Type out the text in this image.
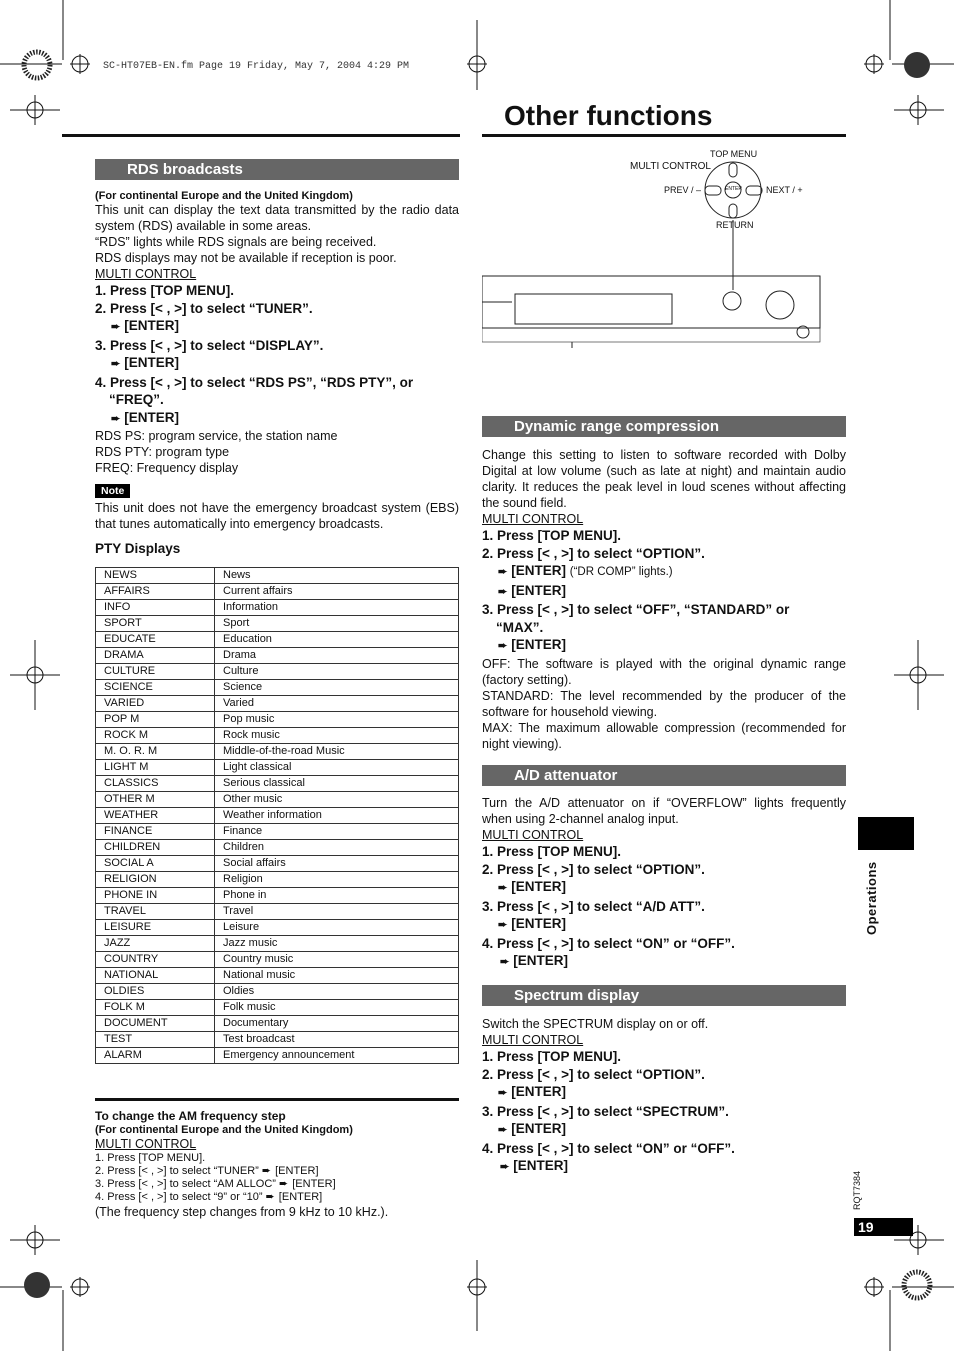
SC-HT07EB-EN.fm Page 19 Friday, May 7, 2004 4:29 PM
Other functions
RDS broadcasts
(For continental Europe and the United Kingdom)
This unit can display the text data transmitted by the radio data system (RDS) available in some areas.
“RDS” lights while RDS signals are being received.
RDS displays may not be available if reception is poor.
MULTI CONTROL
1. Press [TOP MENU].
2. Press [< , >] to select “TUNER”.
➨ [ENTER]
3. Press [< , >] to select “DISPLAY”.
➨ [ENTER]
4. Press [< , >] to select “RDS PS”, “RDS PTY”, or
“FREQ”.
➨ [ENTER]
RDS PS: program service, the station name
RDS PTY: program type
FREQ: Frequency display
Note
This unit does not have the emergency broadcast system (EBS) that tunes automatically into emergency broadcasts.
PTY Displays
NEWS	News
AFFAIRS	Current affairs
INFO	Information
SPORT	Sport
EDUCATE	Education
DRAMA	Drama
CULTURE	Culture
SCIENCE	Science
VARIED	Varied
POP M	Pop music
ROCK M	Rock music
M. O. R. M	Middle-of-the-road Music
LIGHT M	Light classical
CLASSICS	Serious classical
OTHER M	Other music
WEATHER	Weather information
FINANCE	Finance
CHILDREN	Children
SOCIAL A	Social affairs
RELIGION	Religion
PHONE IN	Phone in
TRAVEL	Travel
LEISURE	Leisure
JAZZ	Jazz music
COUNTRY	Country music
NATIONAL	National music
OLDIES	Oldies
FOLK M	Folk music
DOCUMENT	Documentary
TEST	Test broadcast
ALARM	Emergency announcement
To change the AM frequency step
(For continental Europe and the United Kingdom)
MULTI CONTROL
1. Press [TOP MENU].
2. Press [< , >] to select “TUNER” ➨ [ENTER]
3. Press [< , >] to select “AM ALLOC” ➨ [ENTER]
4. Press [< , >] to select “9” or “10” ➨ [ENTER]
(The frequency step changes from 9 kHz to 10 kHz.).
TOP MENU
MULTI CONTROL
PREV / –	NEXT / +
ENTER
RETURN
Dynamic range compression
Change this setting to listen to software recorded with Dolby Digital at low volume (such as late at night) and maintain audio clarity. It reduces the peak level in loud scenes without affecting the sound field.
MULTI CONTROL
1. Press [TOP MENU].
2. Press [< , >] to select “OPTION”.
➨ [ENTER] (“DR COMP” lights.)
➨ [ENTER]
3. Press [< , >] to select “OFF”, “STANDARD” or
“MAX”.
➨ [ENTER]
OFF: The software is played with the original dynamic range (factory setting).
STANDARD: The level recommended by the producer of the software for household viewing.
MAX: The maximum allowable compression (recommended for night viewing).
A/D attenuator
Turn the A/D attenuator on if “OVERFLOW” lights frequently when using 2-channel analog input.
MULTI CONTROL
1. Press [TOP MENU].
2. Press [< , >] to select “OPTION”.
➨ [ENTER]
3. Press [< , >] to select “A/D ATT”.
➨ [ENTER]
4. Press [< , >] to select “ON” or “OFF”.
➨ [ENTER]
Spectrum display
Switch the SPECTRUM display on or off.
MULTI CONTROL
1. Press [TOP MENU].
2. Press [< , >] to select “OPTION”.
➨ [ENTER]
3. Press [< , >] to select “SPECTRUM”.
➨ [ENTER]
4. Press [< , >] to select “ON” or “OFF”.
➨ [ENTER]
Operations
RQT7384
19
